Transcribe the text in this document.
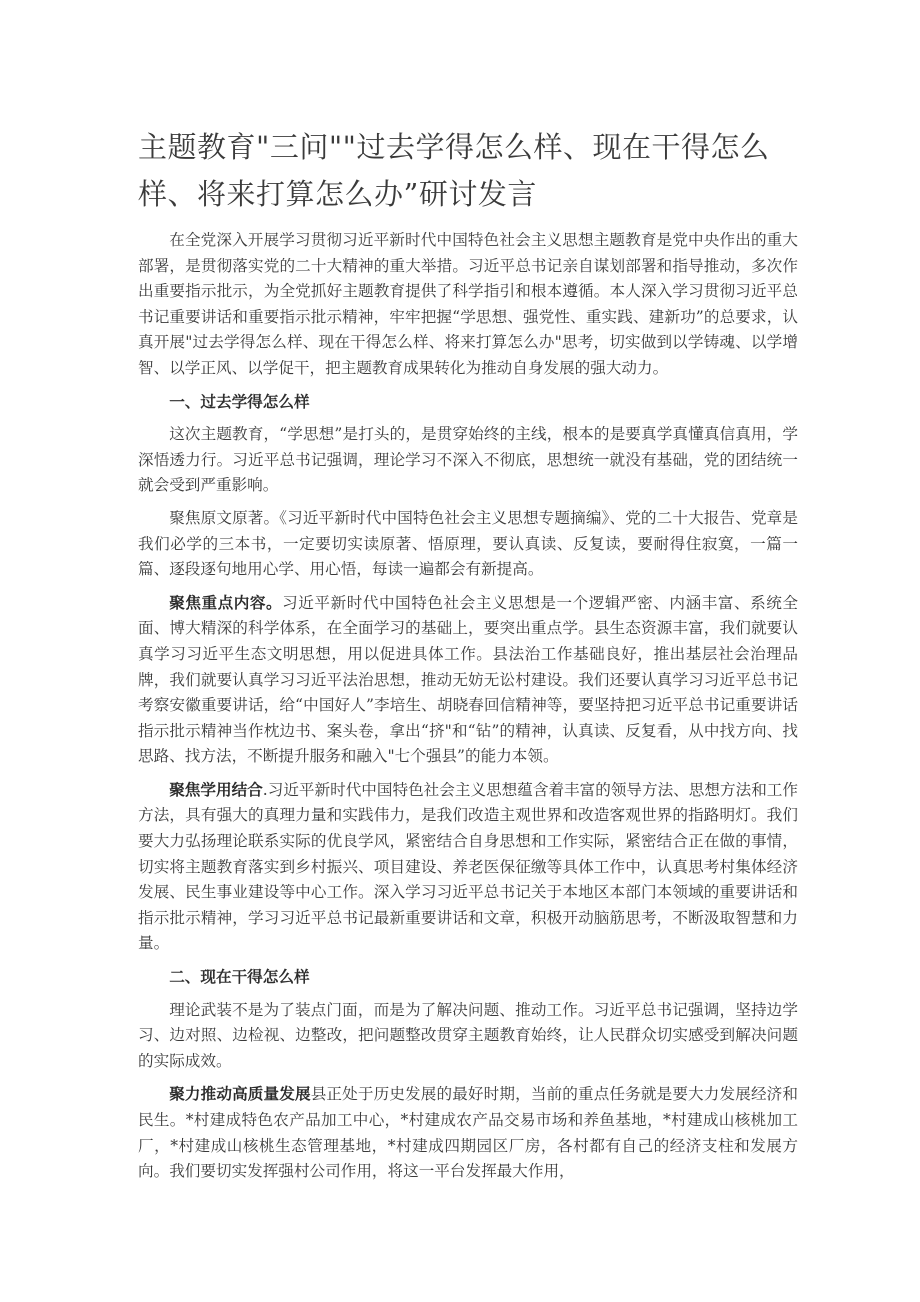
主题教育"三问""过去学得怎么样、现在干得怎么样、将来打算怎么办”研讨发言

在全党深入开展学习贯彻习近平新时代中国特色社会主义思想主题教育是党中央作出的重大部署，是贯彻落实党的二十大精神的重大举措。习近平总书记亲自谋划部署和指导推动，多次作出重要指示批示，为全党抓好主题教育提供了科学指引和根本遵循。本人深入学习贯彻习近平总书记重要讲话和重要指示批示精神，牢牢把握“学思想、强党性、重实践、建新功”的总要求，认真开展"过去学得怎么样、现在干得怎么样、将来打算怎么办"思考，切实做到以学铸魂、以学增智、以学正风、以学促干，把主题教育成果转化为推动自身发展的强大动力。

一、过去学得怎么样

这次主题教育，“学思想”是打头的，是贯穿始终的主线，根本的是要真学真懂真信真用，学深悟透力行。习近平总书记强调，理论学习不深入不彻底，思想统一就没有基础，党的团结统一就会受到严重影响。

聚焦原文原著。《习近平新时代中国特色社会主义思想专题摘编》、党的二十大报告、党章是我们必学的三本书，一定要切实读原著、悟原理，要认真读、反复读，要耐得住寂寞，一篇一篇、逐段逐句地用心学、用心悟，每读一遍都会有新提高。

聚焦重点内容。习近平新时代中国特色社会主义思想是一个逻辑严密、内涵丰富、系统全面、博大精深的科学体系，在全面学习的基础上，要突出重点学。县生态资源丰富，我们就要认真学习习近平生态文明思想，用以促进具体工作。县法治工作基础良好，推出基层社会治理品牌，我们就要认真学习习近平法治思想，推动无妨无讼村建设。我们还要认真学习习近平总书记考察安徽重要讲话，给“中国好人”李培生、胡晓春回信精神等，要坚持把习近平总书记重要讲话指示批示精神当作枕边书、案头卷，拿出“挤"和“钻”的精神，认真读、反复看，从中找方向、找思路、找方法，不断提升服务和融入"七个强县”的能力本领。

聚焦学用结合.习近平新时代中国特色社会主义思想蕴含着丰富的领导方法、思想方法和工作方法，具有强大的真理力量和实践伟力，是我们改造主观世界和改造客观世界的指路明灯。我们要大力弘扬理论联系实际的优良学风，紧密结合自身思想和工作实际，紧密结合正在做的事情，切实将主题教育落实到乡村振兴、项目建设、养老医保征缴等具体工作中，认真思考村集体经济发展、民生事业建设等中心工作。深入学习习近平总书记关于本地区本部门本领域的重要讲话和指示批示精神，学习习近平总书记最新重要讲话和文章，积极开动脑筋思考，不断汲取智慧和力量。

二、现在干得怎么样

理论武装不是为了装点门面，而是为了解决问题、推动工作。习近平总书记强调，坚持边学习、边对照、边检视、边整改，把问题整改贯穿主题教育始终，让人民群众切实感受到解决问题的实际成效。

聚力推动高质量发展县正处于历史发展的最好时期，当前的重点任务就是要大力发展经济和民生。*村建成特色农产品加工中心，*村建成农产品交易市场和养鱼基地，*村建成山核桃加工厂，*村建成山核桃生态管理基地，*村建成四期园区厂房，各村都有自己的经济支柱和发展方向。我们要切实发挥强村公司作用，将这一平台发挥最大作用，
